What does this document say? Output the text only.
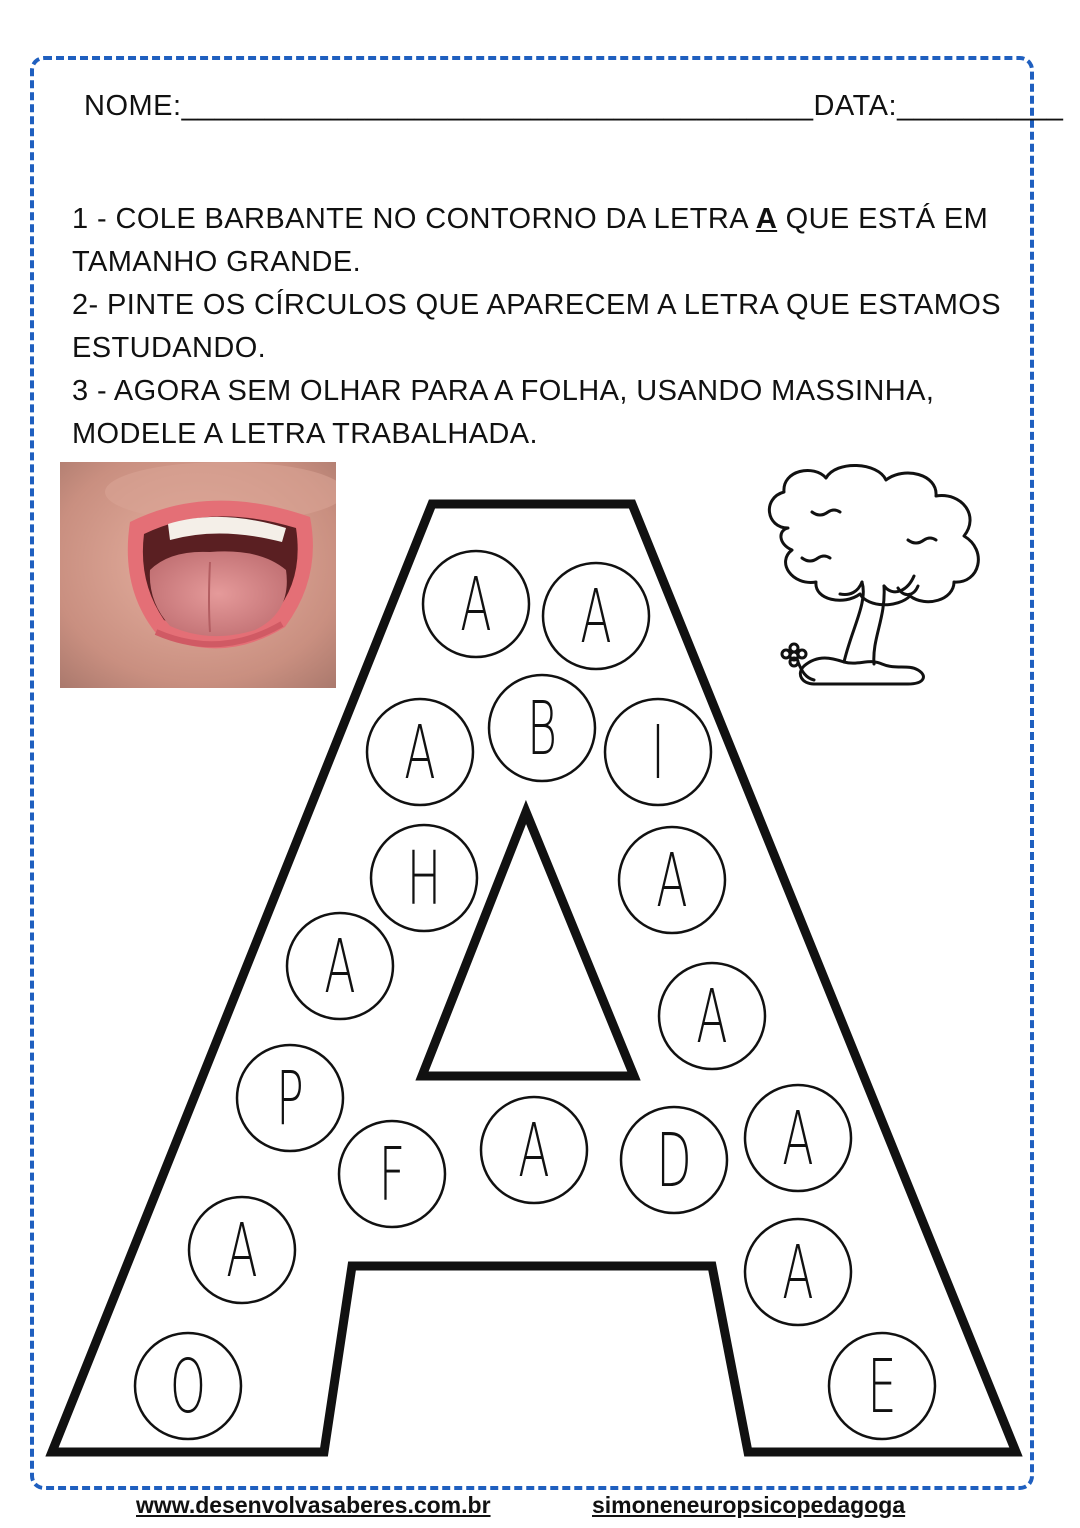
NOME:______________________________________DATA:__________

1 - COLE BARBANTE NO CONTORNO DA LETRA A QUE ESTÁ EM TAMANHO GRANDE.

2- PINTE OS CÍRCULOS QUE APARECEM A LETRA QUE ESTAMOS ESTUDANDO.

3 - AGORA SEM OLHAR PARA A FOLHA, USANDO MASSINHA, MODELE A LETRA TRABALHADA.

A A
A B I
H	A
A
A
P	A
F A D
A	A
O	E
www.desenvolvasaberes.com.br	simoneneuropsicopedagoga
